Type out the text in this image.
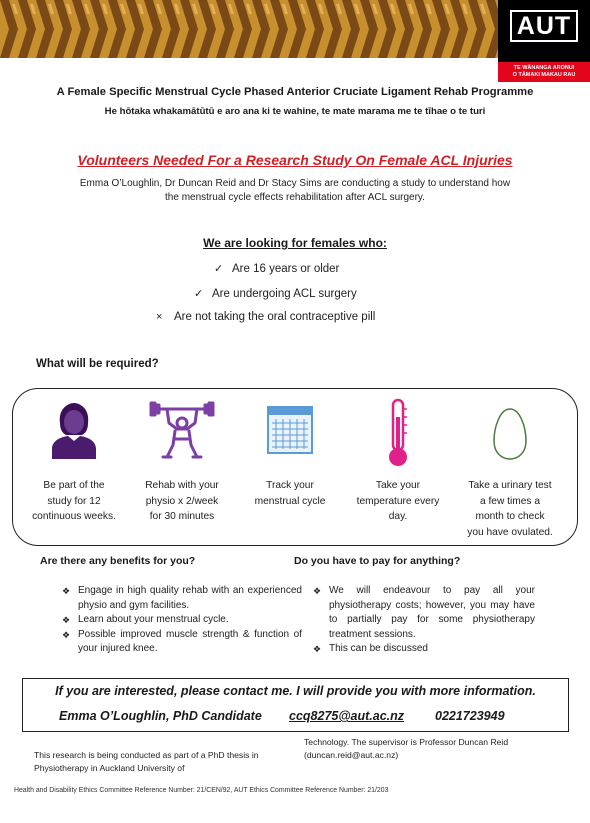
AUT
TE WĀNANGA ARONUI
O TĀMAKI MAKAU RAU
A Female Specific Menstrual Cycle Phased Anterior Cruciate Ligament Rehab Programme
He hōtaka whakamātūtū e aro ana ki te wahine, te mate marama me te tīhae o te turi
Volunteers Needed For a Research Study On Female ACL Injuries
Emma O’Loughlin, Dr Duncan Reid and Dr Stacy Sims are conducting a study to understand how
the menstrual cycle effects rehabilitation after ACL surgery.
We are looking for females who:
✓ Are 16 years or older
✓ Are undergoing ACL surgery
× Are not taking the oral contraceptive pill
What will be required?
Be part of the
study for 12
continuous weeks.
Rehab with your
physio x 2/week
for 30 minutes
Track your
menstrual cycle
Take your
temperature every
day.
Take a urinary test
a few times a
month to check
you have ovulated.
Are there any benefits for you?	Do you have to pay for anything?
❖ Engage in high quality rehab with an experienced physio and gym facilities.
❖ Learn about your menstrual cycle.
❖ Possible improved muscle strength & function of your injured knee.
❖ We will endeavour to pay all your physiotherapy costs; however, you may have to partially pay for some physiotherapy treatment sessions.
❖ This can be discussed
If you are interested, please contact me. I will provide you with more information.
Emma O’Loughlin, PhD Candidate ccq8275@aut.ac.nz 0221723949
This research is being conducted as part of a PhD thesis in Physiotherapy in Auckland University of
Technology. The supervisor is Professor Duncan Reid (duncan.reid@aut.ac.nz)
Health and Disability Ethics Committee Reference Number: 21/CEN/92, AUT Ethics Committee Reference Number: 21/203
